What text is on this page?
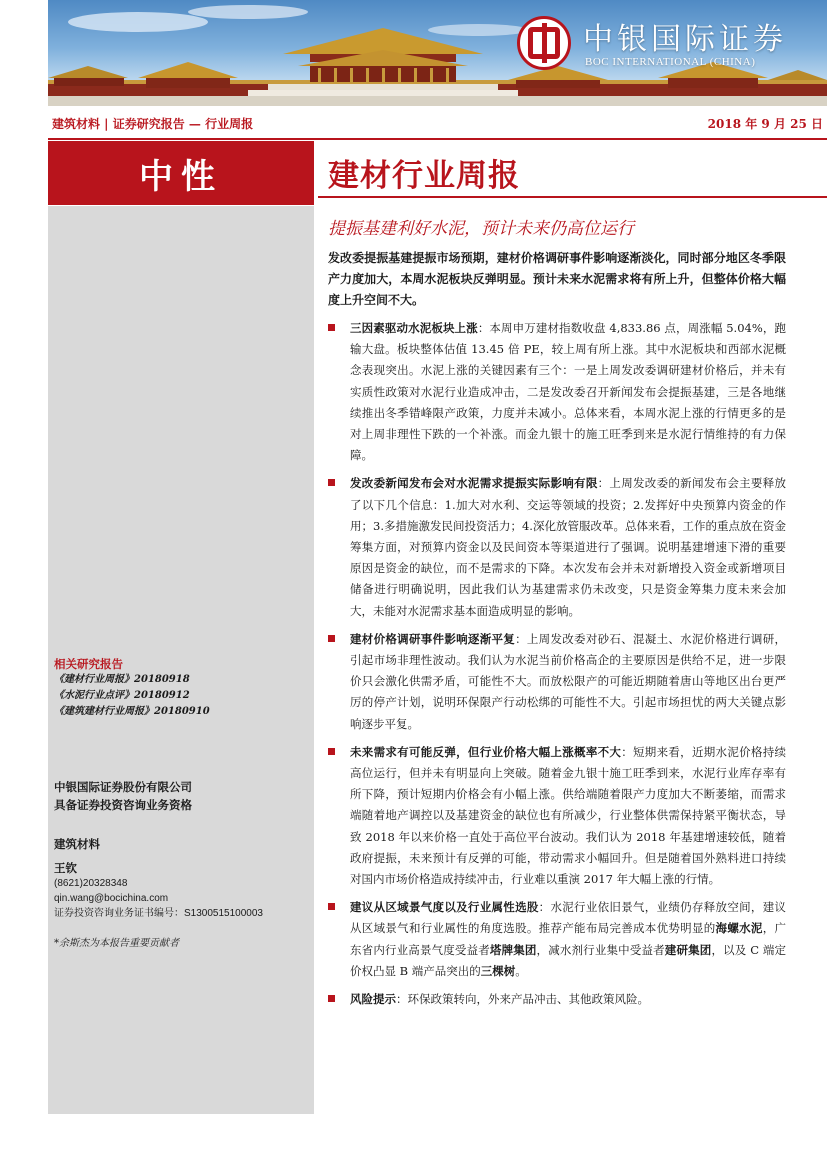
中银国际证券
BOC INTERNATIONAL (CHINA)
建筑材料 | 证券研究报告 — 行业周报	2018 年 9 月 25 日
中性
相关研究报告
《建材行业周报》20180918
《水泥行业点评》20180912
《建筑建材行业周报》20180910
中银国际证券股份有限公司
具备证券投资咨询业务资格
建筑材料
王钦
(8621)20328348
qin.wang@bocichina.com
证券投资咨询业务证书编号：S1300515100003
*余斯杰为本报告重要贡献者
建材行业周报
提振基建利好水泥，预计未来仍高位运行
发改委提振基建提振市场预期，建材价格调研事件影响逐渐淡化，同时部分地区冬季限产力度加大，本周水泥板块反弹明显。预计未来水泥需求将有所上升，但整体价格大幅度上升空间不大。
三因素驱动水泥板块上涨：本周申万建材指数收盘 4,833.86 点，周涨幅 5.04%，跑输大盘。板块整体估值 13.45 倍 PE，较上周有所上涨。其中水泥板块和西部水泥概念表现突出。水泥上涨的关键因素有三个：一是上周发改委调研建材价格后，并未有实质性政策对水泥行业造成冲击，二是发改委召开新闻发布会提振基建，三是各地继续推出冬季错峰限产政策，力度并未减小。总体来看，本周水泥上涨的行情更多的是对上周非理性下跌的一个补涨。而金九银十的施工旺季到来是水泥行情维持的有力保障。
发改委新闻发布会对水泥需求提振实际影响有限：上周发改委的新闻发布会主要释放了以下几个信息：1.加大对水利、交运等领域的投资；2.发挥好中央预算内资金的作用；3.多措施激发民间投资活力；4.深化放管服改革。总体来看，工作的重点放在资金筹集方面，对预算内资金以及民间资本等渠道进行了强调。说明基建增速下滑的重要原因是资金的缺位，而不是需求的下降。本次发布会并未对新增投入资金或新增项目储备进行明确说明，因此我们认为基建需求仍未改变，只是资金筹集力度未来会加大，未能对水泥需求基本面造成明显的影响。
建材价格调研事件影响逐渐平复：上周发改委对砂石、混凝土、水泥价格进行调研，引起市场非理性波动。我们认为水泥当前价格高企的主要原因是供给不足，进一步限价只会激化供需矛盾，可能性不大。而放松限产的可能近期随着唐山等地区出台更严厉的停产计划，说明环保限产行动松绑的可能性不大。引起市场担忧的两大关键点影响逐步平复。
未来需求有可能反弹，但行业价格大幅上涨概率不大：短期来看，近期水泥价格持续高位运行，但并未有明显向上突破。随着金九银十施工旺季到来，水泥行业库存率有所下降，预计短期内价格会有小幅上涨。供给端随着限产力度加大不断萎缩，而需求端随着地产调控以及基建资金的缺位也有所减少，行业整体供需保持紧平衡状态，导致 2018 年以来价格一直处于高位平台波动。我们认为 2018 年基建增速较低，随着政府提振，未来预计有反弹的可能，带动需求小幅回升。但是随着国外熟料进口持续对国内市场价格造成持续冲击，行业难以重演 2017 年大幅上涨的行情。
建议从区域景气度以及行业属性选股：水泥行业依旧景气，业绩仍存释放空间，建议从区域景气和行业属性的角度选股。推荐产能布局完善成本优势明显的海螺水泥，广东省内行业高景气度受益者塔牌集团，减水剂行业集中受益者建研集团，以及 C 端定价权凸显 B 端产品突出的三棵树。
风险提示：环保政策转向，外来产品冲击、其他政策风险。
